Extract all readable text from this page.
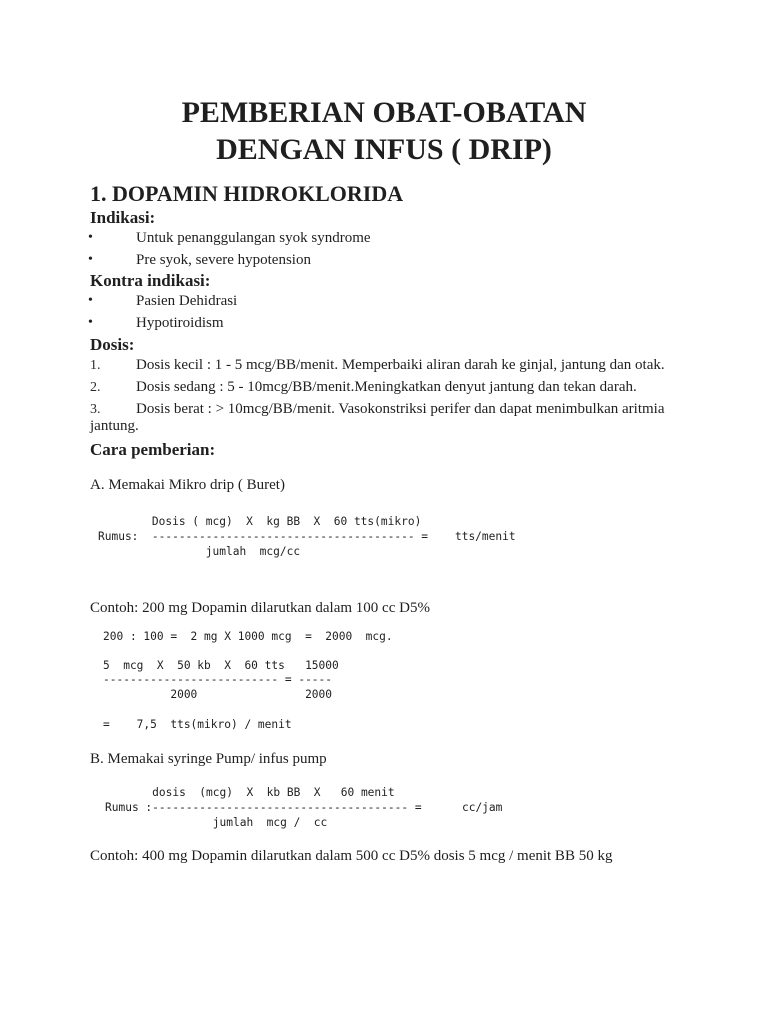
PEMBERIAN OBAT-OBATAN
DENGAN INFUS ( DRIP)
1. DOPAMIN HIDROKLORIDA
Indikasi:
•	Untuk penanggulangan syok syndrome

•	Pre syok, severe hypotension

Kontra indikasi:
•	Pasien Dehidrasi

•	Hypotiroidism

Dosis:
1. Dosis kecil : 1 - 5 mcg/BB/menit. Memperbaiki aliran darah ke ginjal, jantung dan otak.

2. Dosis sedang : 5 - 10mcg/BB/menit.Meningkatkan denyut jantung dan tekan darah.

3. Dosis berat : > 10mcg/BB/menit. Vasokonstriksi perifer dan dapat menimbulkan aritmia

jantung.

Cara pemberian:

A. Memakai Mikro drip ( Buret)

Dosis ( mcg)  X  kg BB  X  60 tts(mikro)
Rumus:  --------------------------------------- =    tts/menit
jumlah  mcg/cc

Contoh: 200 mg Dopamin dilarutkan dalam 100 cc D5%

200 : 100 =  2 mg X 1000 mcg  =  2000  mcg.
5  mcg  X  50 kb  X  60 tts   15000
-------------------------- = -----
2000                2000
=    7,5  tts(mikro) / menit

B. Memakai syringe Pump/ infus pump

dosis  (mcg)  X  kb BB  X   60 menit
Rumus :-------------------------------------- =      cc/jam
jumlah  mcg /  cc

Contoh: 400 mg Dopamin dilarutkan dalam 500 cc D5% dosis 5 mcg / menit BB 50 kg
